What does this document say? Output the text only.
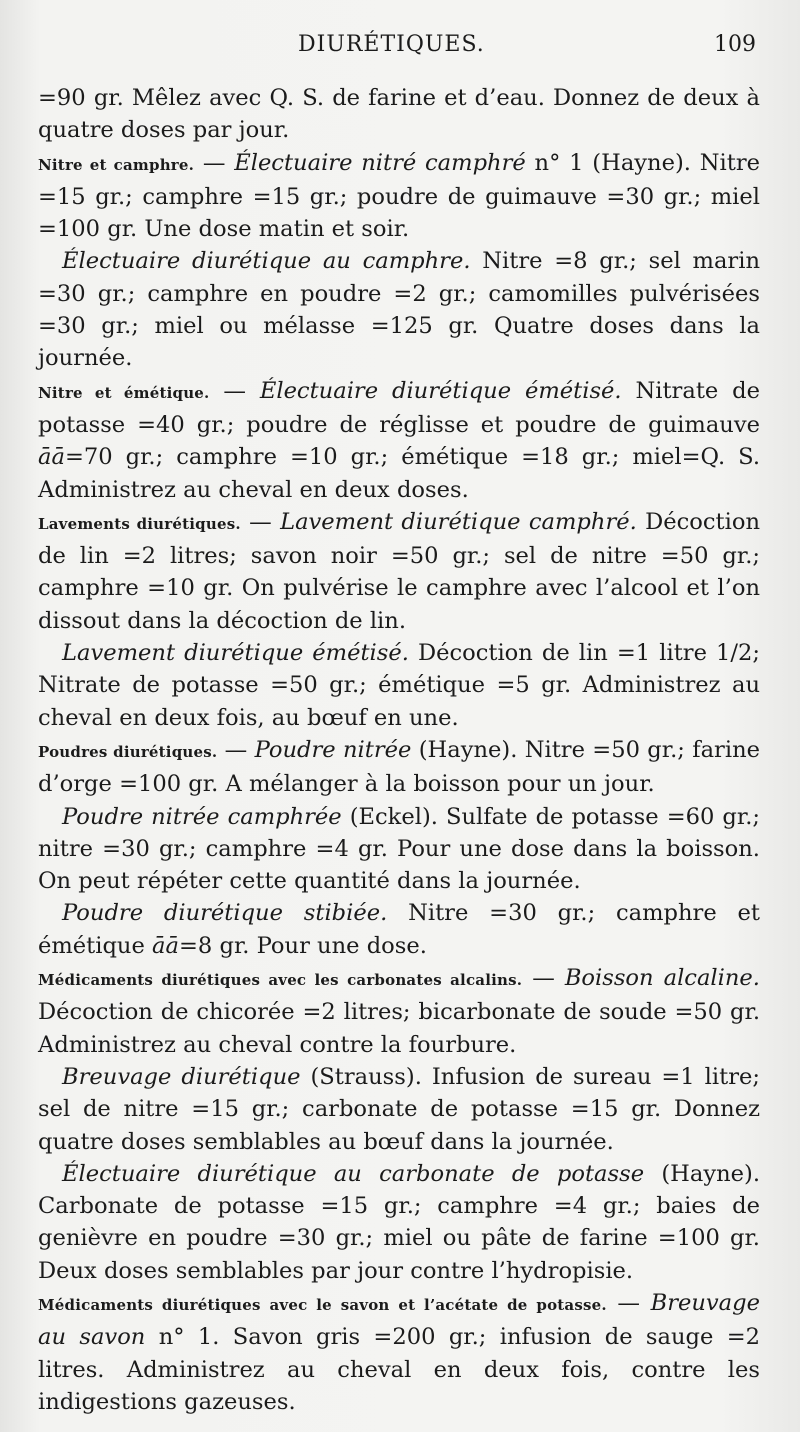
DIURÉTIQUES.	109

=90 gr. Mêlez avec Q. S. de farine et d’eau. Donnez de deux à quatre doses par jour.

Nitre et camphre. — Électuaire nitré camphré n° 1 (Hayne). Nitre =15 gr.; camphre =15 gr.; poudre de guimauve =30 gr.; miel =100 gr. Une dose matin et soir.

Électuaire diurétique au camphre. Nitre =8 gr.; sel marin =30 gr.; camphre en poudre =2 gr.; camomilles pulvérisées =30 gr.; miel ou mélasse =125 gr. Quatre doses dans la journée.

Nitre et émétique. — Électuaire diurétique émétisé. Nitrate de potasse =40 gr.; poudre de réglisse et poudre de guimauve āā=70 gr.; camphre =10 gr.; émétique =18 gr.; miel=Q. S. Administrez au cheval en deux doses.

Lavements diurétiques. — Lavement diurétique camphré. Décoction de lin =2 litres; savon noir =50 gr.; sel de nitre =50 gr.; camphre =10 gr. On pulvérise le camphre avec l’alcool et l’on dissout dans la décoction de lin.

Lavement diurétique émétisé. Décoction de lin =1 litre 1/2; Nitrate de potasse =50 gr.; émétique =5 gr. Administrez au cheval en deux fois, au bœuf en une.

Poudres diurétiques. — Poudre nitrée (Hayne). Nitre =50 gr.; farine d’orge =100 gr. A mélanger à la boisson pour un jour.

Poudre nitrée camphrée (Eckel). Sulfate de potasse =60 gr.; nitre =30 gr.; camphre =4 gr. Pour une dose dans la boisson. On peut répéter cette quantité dans la journée.

Poudre diurétique stibiée. Nitre =30 gr.; camphre et émétique āā=8 gr. Pour une dose.

Médicaments diurétiques avec les carbonates alcalins. — Boisson alcaline. Décoction de chicorée =2 litres; bicarbonate de soude =50 gr. Administrez au cheval contre la fourbure.

Breuvage diurétique (Strauss). Infusion de sureau =1 litre; sel de nitre =15 gr.; carbonate de potasse =15 gr. Donnez quatre doses semblables au bœuf dans la journée.

Électuaire diurétique au carbonate de potasse (Hayne). Carbonate de potasse =15 gr.; camphre =4 gr.; baies de genièvre en poudre =30 gr.; miel ou pâte de farine =100 gr. Deux doses semblables par jour contre l’hydropisie.

Médicaments diurétiques avec le savon et l’acétate de potasse. — Breuvage au savon n° 1. Savon gris =200 gr.; infusion de sauge =2 litres. Administrez au cheval en deux fois, contre les indigestions gazeuses.
